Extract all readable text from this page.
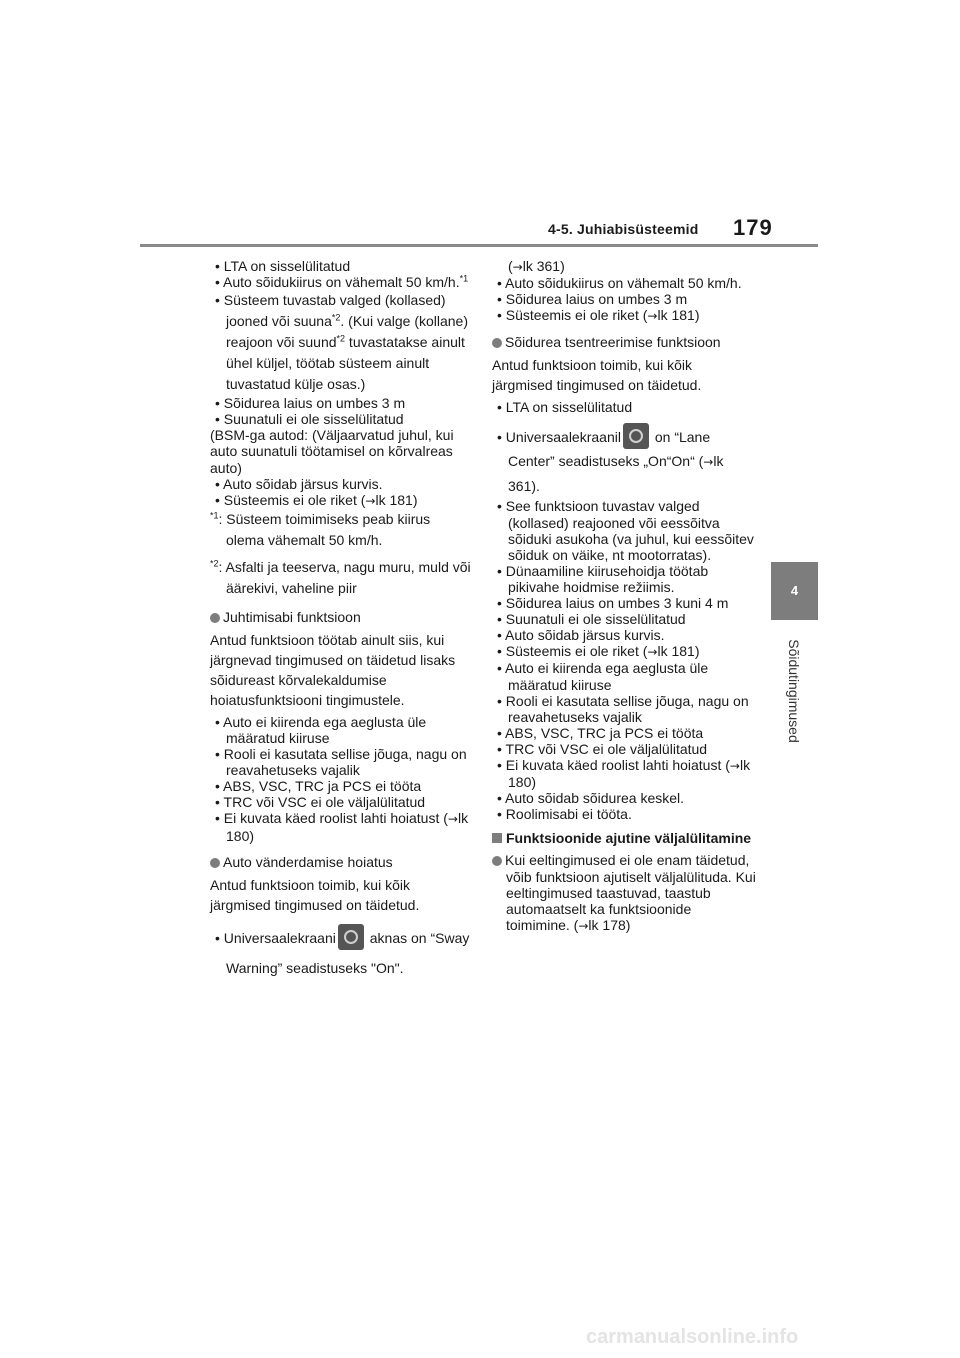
4-5. Juhiabisüsteemid 179
4
Sõidutingimused

• LTA on sisselülitatud

• Auto sõidukiirus on vähemalt 50 km/h.$^{*1}$

• Süsteem tuvastab valged (kollased) jooned või suuna$^{*2}$. (Kui valge (kollane) reajoon või suund$^{*2}$ tuvastatakse ainult ühel küljel, töötab süsteem ainult tuvastatud külje osas.)

• Sõidurea laius on umbes 3 m

• Suunatuli ei ole sisselülitatud

(BSM-ga autod: (Väljaarvatud juhul, kui auto suunatuli töötamisel on kõrvalreas auto)

• Auto sõidab järsus kurvis.

• Süsteemis ei ole riket (→lk 181)

$^{*1}$: Süsteem toimimiseks peab kiirus olema vähemalt 50 km/h.

$^{*2}$: Asfalti ja teeserva, nagu muru, muld või äärekivi, vaheline piir

Juhtimisabi funktsioon

Antud funktsioon töötab ainult siis, kui järgnevad tingimused on täidetud lisaks sõidureast kõrvalekaldumise hoiatusfunktsiooni tingimustele.

• Auto ei kiirenda ega aeglusta üle määratud kiiruse

• Rooli ei kasutata sellise jõuga, nagu on reavahetuseks vajalik

• ABS, VSC, TRC ja PCS ei tööta

• TRC või VSC ei ole väljalülitatud

• Ei kuvata käed roolist lahti hoiatust (→lk 180)

Auto vänderdamise hoiatus

Antud funktsioon toimib, kui kõik järgmised tingimused on täidetud.

• Universaalekraani aknas on “Sway Warning” seadistuseks "On".

(→lk 361)

• Auto sõidukiirus on vähemalt 50 km/h.

• Sõidurea laius on umbes 3 m

• Süsteemis ei ole riket (→lk 181)

Sõidurea tsentreerimise funktsioon

Antud funktsioon toimib, kui kõik järgmised tingimused on täidetud.

• LTA on sisselülitatud

• Universaalekraanil on “Lane Center” seadistuseks „On“On“ (→lk 361).

• See funktsioon tuvastav valged (kollased) reajooned või eessõitva sõiduki asukoha (va juhul, kui eessõitev sõiduk on väike, nt mootorratas).

• Dünaamiline kiirusehoidja töötab pikivahe hoidmise režiimis.

• Sõidurea laius on umbes 3 kuni 4 m

• Suunatuli ei ole sisselülitatud

• Auto sõidab järsus kurvis.

• Süsteemis ei ole riket (→lk 181)

• Auto ei kiirenda ega aeglusta üle määratud kiiruse

• Rooli ei kasutata sellise jõuga, nagu on reavahetuseks vajalik

• ABS, VSC, TRC ja PCS ei tööta

• TRC või VSC ei ole väljalülitatud

• Ei kuvata käed roolist lahti hoiatust (→lk 180)

• Auto sõidab sõidurea keskel.

• Roolimisabi ei tööta.

Funktsioonide ajutine väljalülitamine

Kui eeltingimused ei ole enam täidetud, võib funktsioon ajutiselt väljalülituda. Kui eeltingimused taastuvad, taastub automaatselt ka funktsioonide toimimine. (→lk 178)

carmanualsonline.info
